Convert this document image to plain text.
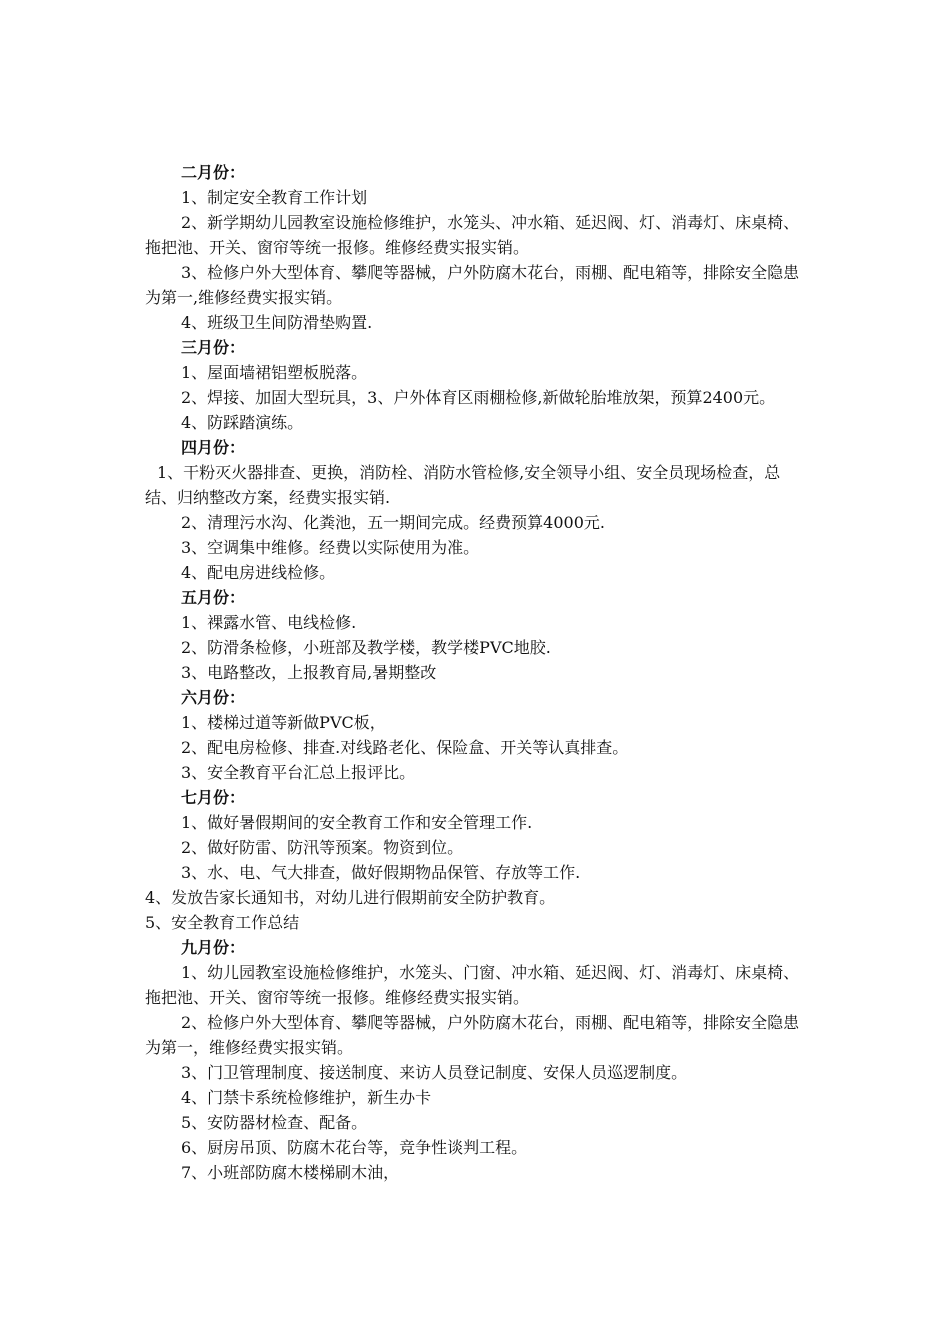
二月份：

1、制定安全教育工作计划

2、新学期幼儿园教室设施检修维护，水笼头、冲水箱、延迟阀、灯、消毒灯、床桌椅、拖把池、开关、窗帘等统一报修。维修经费实报实销。

3、检修户外大型体育、攀爬等器械，户外防腐木花台，雨棚、配电箱等，排除安全隐患为第一,维修经费实报实销。

4、班级卫生间防滑垫购置.

三月份：

1、屋面墙裙铝塑板脱落。

2、焊接、加固大型玩具，3、户外体育区雨棚检修,新做轮胎堆放架，预算2400元。

4、防踩踏演练。

四月份：

1、干粉灭火器排查、更换，消防栓、消防水管检修,安全领导小组、安全员现场检查，总结、归纳整改方案，经费实报实销.

2、清理污水沟、化粪池，五一期间完成。经费预算4000元.

3、空调集中维修。经费以实际使用为准。

4、配电房进线检修。

五月份：

1、裸露水管、电线检修.

2、防滑条检修，小班部及教学楼，教学楼PVC地胶.

3、电路整改，上报教育局,暑期整改

六月份：

1、楼梯过道等新做PVC板，

2、配电房检修、排查.对线路老化、保险盒、开关等认真排查。

3、安全教育平台汇总上报评比。

七月份：

1、做好暑假期间的安全教育工作和安全管理工作.

2、做好防雷、防汛等预案。物资到位。

3、水、电、气大排查，做好假期物品保管、存放等工作.

4、发放告家长通知书，对幼儿进行假期前安全防护教育。

5、安全教育工作总结

九月份：

1、幼儿园教室设施检修维护，水笼头、门窗、冲水箱、延迟阀、灯、消毒灯、床桌椅、拖把池、开关、窗帘等统一报修。维修经费实报实销。

2、检修户外大型体育、攀爬等器械，户外防腐木花台，雨棚、配电箱等，排除安全隐患为第一，维修经费实报实销。

3、门卫管理制度、接送制度、来访人员登记制度、安保人员巡逻制度。

4、门禁卡系统检修维护，新生办卡

5、安防器材检查、配备。

6、厨房吊顶、防腐木花台等，竞争性谈判工程。

7、小班部防腐木楼梯刷木油，
